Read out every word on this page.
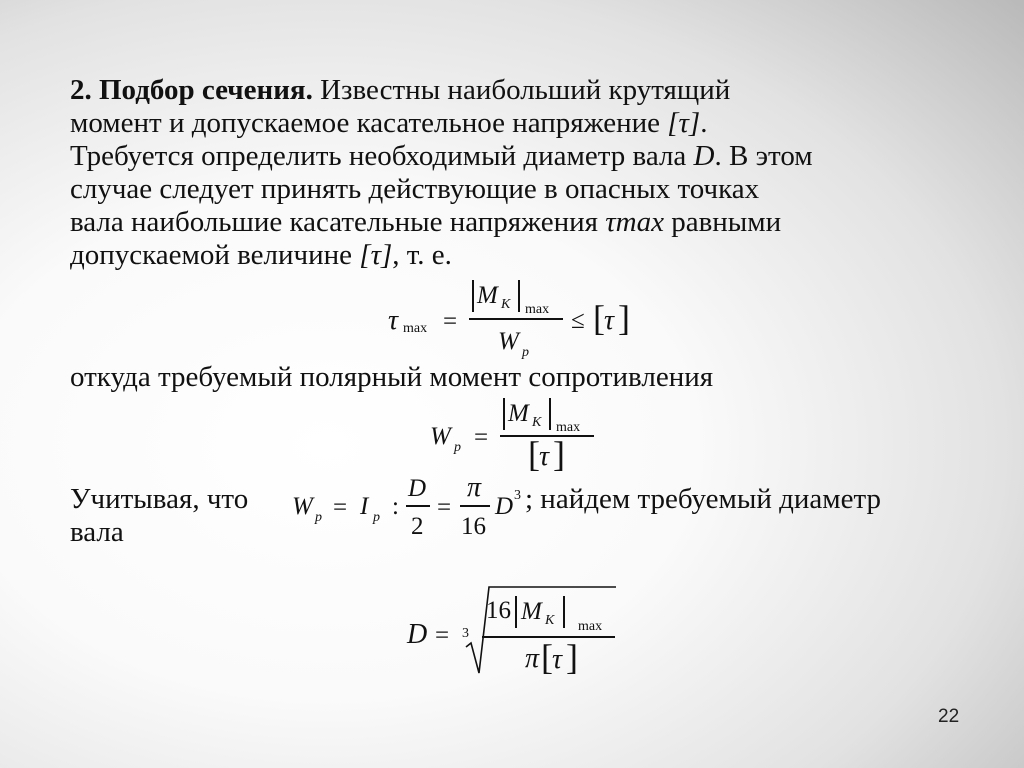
2. Подбор сечения. Известны наибольший крутящий
момент и допускаемое касательное напряжение [τ].
Требуется определить необходимый диаметр вала D. В этом
случае следует принять действующие в опасных точках
вала наибольшие касательные напряжения τmax равными
допускаемой величине [τ], т. е.
τ max =
M K max
W p
≤ [ τ ]
откуда требуемый полярный момент сопротивления
W p =
M K max
[ τ ]
Учитывая, что	; найдем требуемый диаметр
вала
W p = I p :
D
2
=
π
16
D 3
D = 3
16 M K max
π [ τ ]
22
